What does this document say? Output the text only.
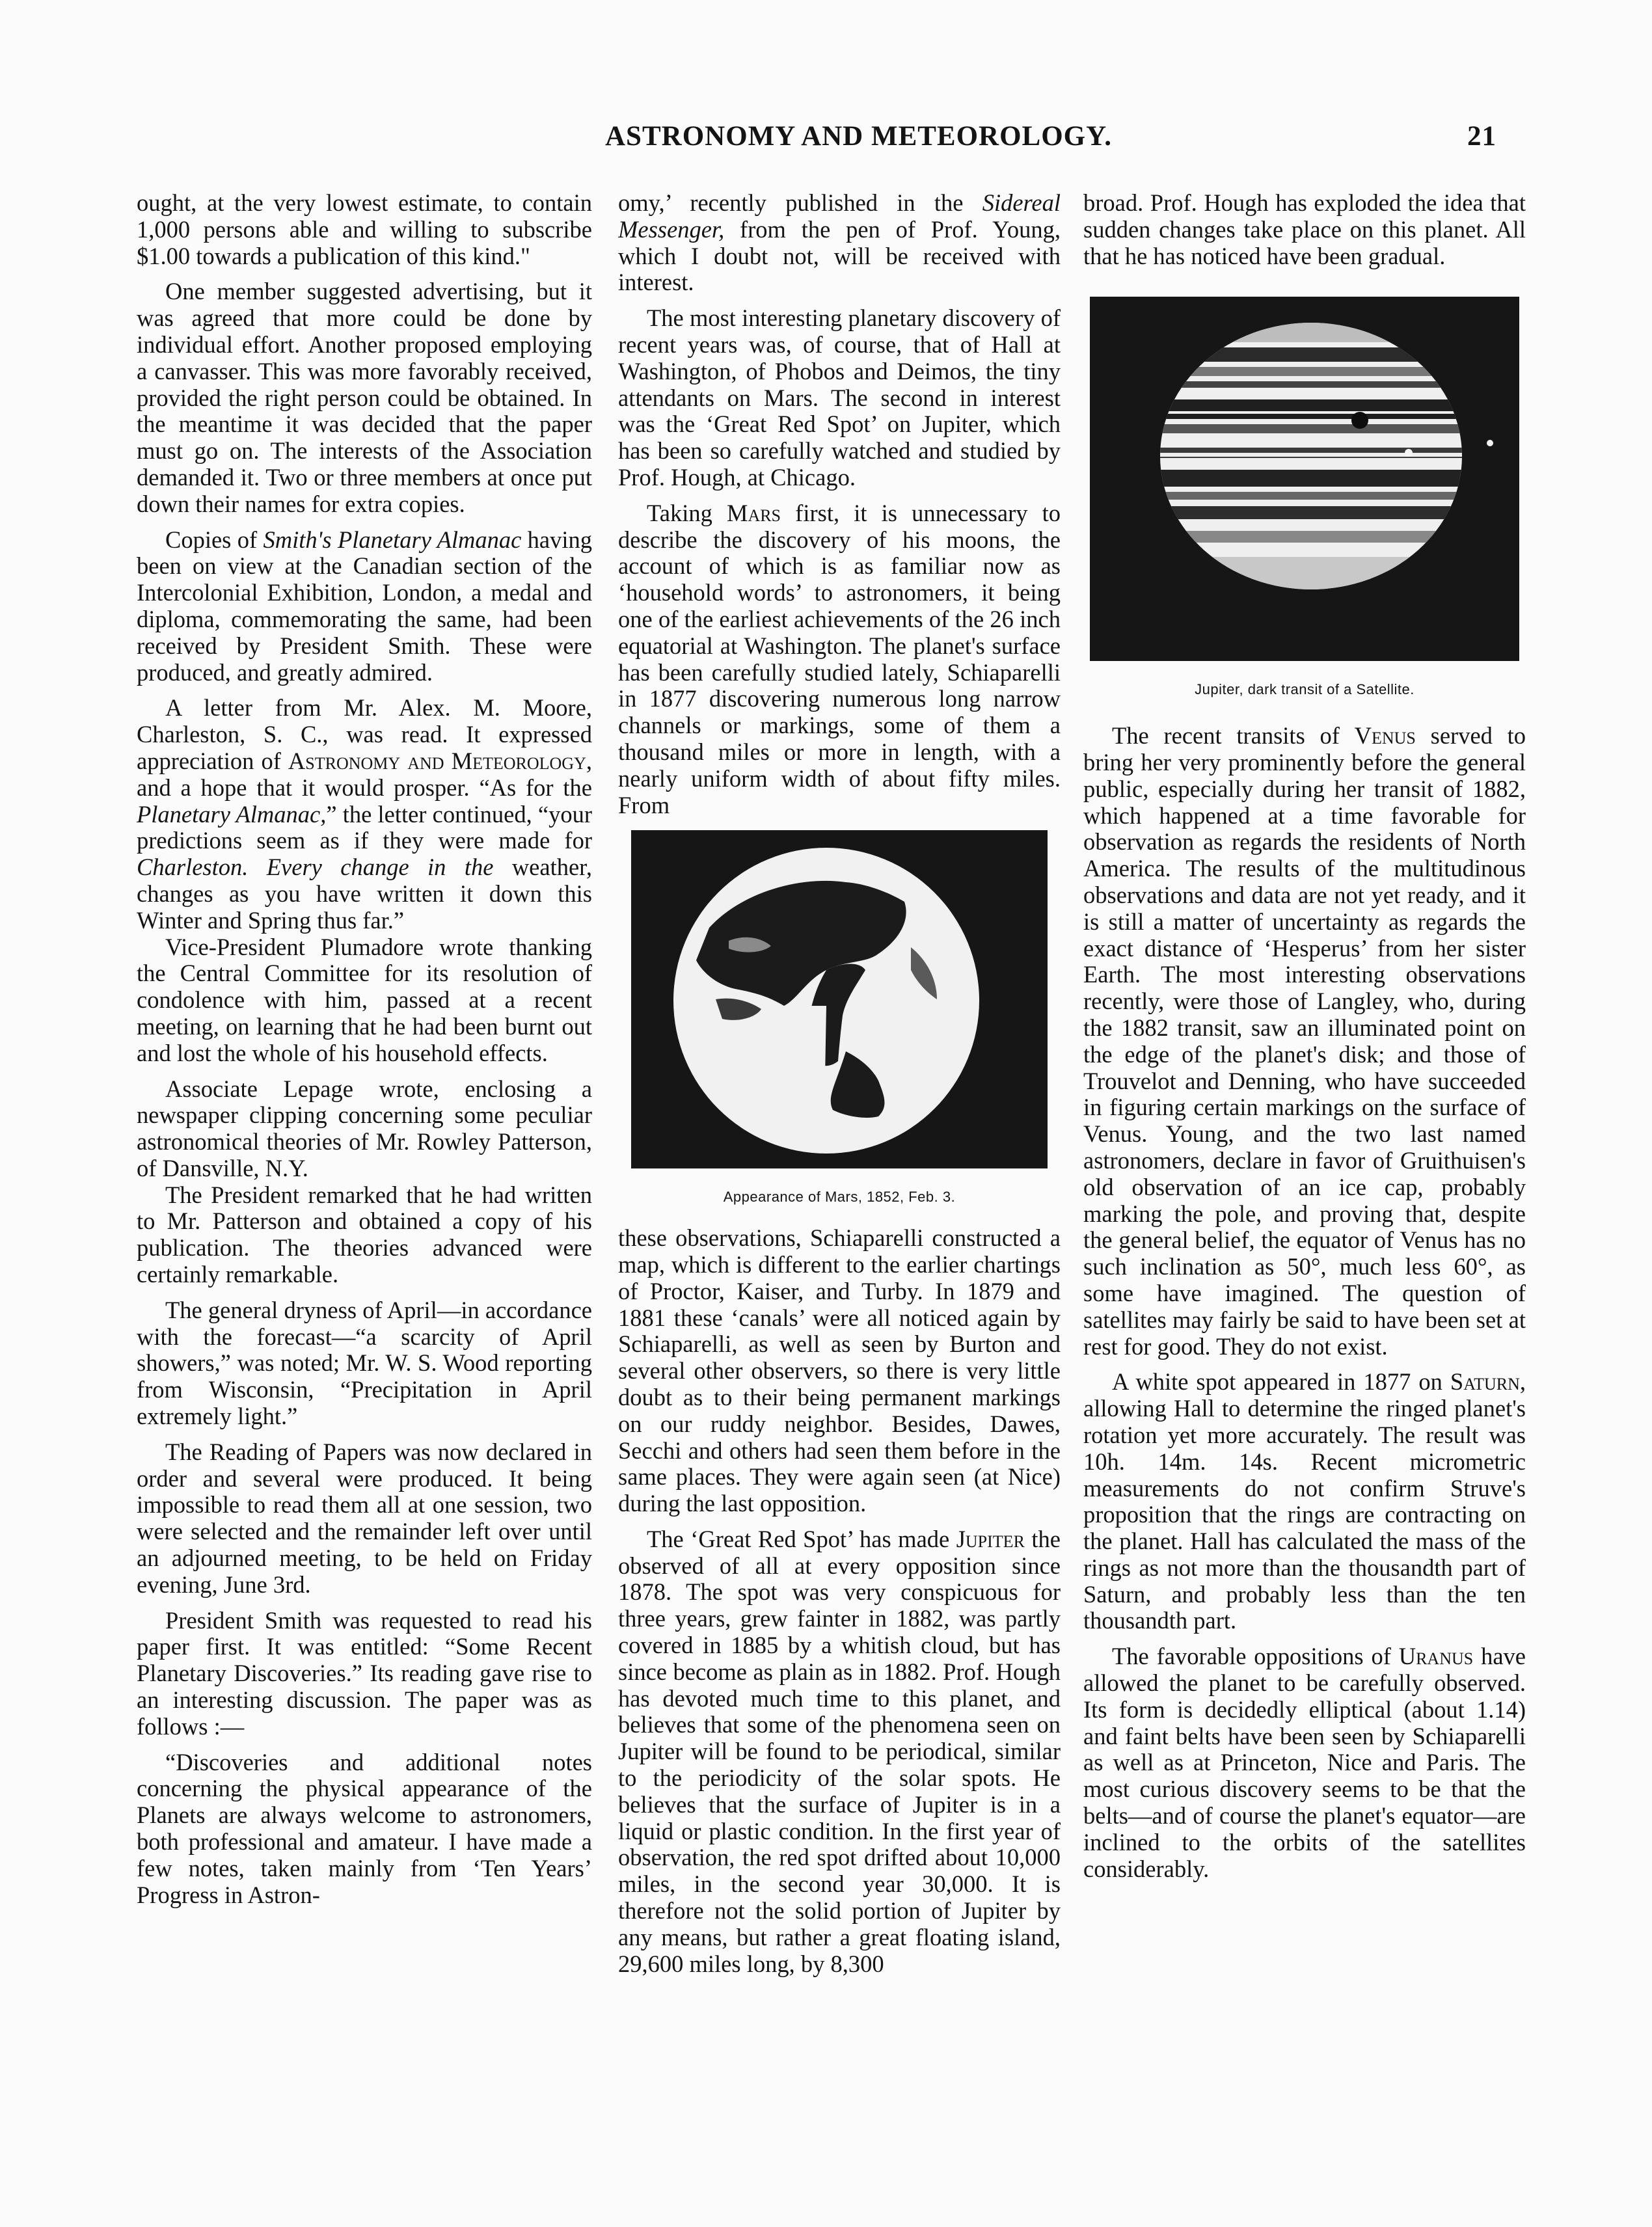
ASTRONOMY AND METEOROLOGY.	21

ought, at the very lowest estimate, to contain 1,000 persons able and willing to subscribe $1.00 towards a publication of this kind."

One member suggested advertising, but it was agreed that more could be done by individual effort. Another proposed employing a canvasser. This was more favorably received, provided the right person could be obtained. In the meantime it was decided that the paper must go on. The interests of the Association demanded it. Two or three members at once put down their names for extra copies.

Copies of Smith's Planetary Almanac having been on view at the Canadian section of the Intercolonial Exhibition, London, a medal and diploma, commemorating the same, had been received by President Smith. These were produced, and greatly admired.

A letter from Mr. Alex. M. Moore, Charleston, S. C., was read. It expressed appreciation of Astronomy and Meteorology, and a hope that it would prosper. “As for the Planetary Almanac,” the letter continued, “your predictions seem as if they were made for Charleston. Every change in the weather, changes as you have written it down this Winter and Spring thus far.”

Vice-President Plumadore wrote thanking the Central Committee for its resolution of condolence with him, passed at a recent meeting, on learning that he had been burnt out and lost the whole of his household effects.

Associate Lepage wrote, enclosing a newspaper clipping concerning some peculiar astronomical theories of Mr. Rowley Patterson, of Dansville, N.Y.

The President remarked that he had written to Mr. Patterson and obtained a copy of his publication. The theories advanced were certainly remarkable.

The general dryness of April—in accordance with the forecast—“a scarcity of April showers,” was noted; Mr. W. S. Wood reporting from Wisconsin, “Precipitation in April extremely light.”

The Reading of Papers was now declared in order and several were produced. It being impossible to read them all at one session, two were selected and the remainder left over until an adjourned meeting, to be held on Friday evening, June 3rd.

President Smith was requested to read his paper first. It was entitled: “Some Recent Planetary Discoveries.” Its reading gave rise to an interesting discussion. The paper was as follows :—

“Discoveries and additional notes concerning the physical appearance of the Planets are always welcome to astronomers, both professional and amateur. I have made a few notes, taken mainly from ‘Ten Years’ Progress in Astron-

omy,’ recently published in the Sidereal Messenger, from the pen of Prof. Young, which I doubt not, will be received with interest.

The most interesting planetary discovery of recent years was, of course, that of Hall at Washington, of Phobos and Deimos, the tiny attendants on Mars. The second in interest was the ‘Great Red Spot’ on Jupiter, which has been so carefully watched and studied by Prof. Hough, at Chicago.

Taking Mars first, it is unnecessary to describe the discovery of his moons, the account of which is as familiar now as ‘household words’ to astronomers, it being one of the earliest achievements of the 26 inch equatorial at Washington. The planet's surface has been carefully studied lately, Schiaparelli in 1877 discovering numerous long narrow channels or markings, some of them a thousand miles or more in length, with a nearly uniform width of about fifty miles. From

Appearance of Mars, 1852, Feb. 3.

these observations, Schiaparelli constructed a map, which is different to the earlier chartings of Proctor, Kaiser, and Turby. In 1879 and 1881 these ‘canals’ were all noticed again by Schiaparelli, as well as seen by Burton and several other observers, so there is very little doubt as to their being permanent markings on our ruddy neighbor. Besides, Dawes, Secchi and others had seen them before in the same places. They were again seen (at Nice) during the last opposition.

The ‘Great Red Spot’ has made Jupiter the observed of all at every opposition since 1878. The spot was very conspicuous for three years, grew fainter in 1882, was partly covered in 1885 by a whitish cloud, but has since become as plain as in 1882. Prof. Hough has devoted much time to this planet, and believes that some of the phenomena seen on Jupiter will be found to be periodical, similar to the periodicity of the solar spots. He believes that the surface of Jupiter is in a liquid or plastic condition. In the first year of observation, the red spot drifted about 10,000 miles, in the second year 30,000. It is therefore not the solid portion of Jupiter by any means, but rather a great floating island, 29,600 miles long, by 8,300

broad. Prof. Hough has exploded the idea that sudden changes take place on this planet. All that he has noticed have been gradual.

Jupiter, dark transit of a Satellite.

The recent transits of Venus served to bring her very prominently before the general public, especially during her transit of 1882, which happened at a time favorable for observation as regards the residents of North America. The results of the multitudinous observations and data are not yet ready, and it is still a matter of uncertainty as regards the exact distance of ‘Hesperus’ from her sister Earth. The most interesting observations recently, were those of Langley, who, during the 1882 transit, saw an illuminated point on the edge of the planet's disk; and those of Trouvelot and Denning, who have succeeded in figuring certain markings on the surface of Venus. Young, and the two last named astronomers, declare in favor of Gruithuisen's old observation of an ice cap, probably marking the pole, and proving that, despite the general belief, the equator of Venus has no such inclination as 50°, much less 60°, as some have imagined. The question of satellites may fairly be said to have been set at rest for good. They do not exist.

A white spot appeared in 1877 on Saturn, allowing Hall to determine the ringed planet's rotation yet more accurately. The result was 10h. 14m. 14s. Recent micrometric measurements do not confirm Struve's proposition that the rings are contracting on the planet. Hall has calculated the mass of the rings as not more than the thousandth part of Saturn, and probably less than the ten thousandth part.

The favorable oppositions of Uranus have allowed the planet to be carefully observed. Its form is decidedly elliptical (about 1.14) and faint belts have been seen by Schiaparelli as well as at Princeton, Nice and Paris. The most curious discovery seems to be that the belts—and of course the planet's equator—are inclined to the orbits of the satellites considerably.
